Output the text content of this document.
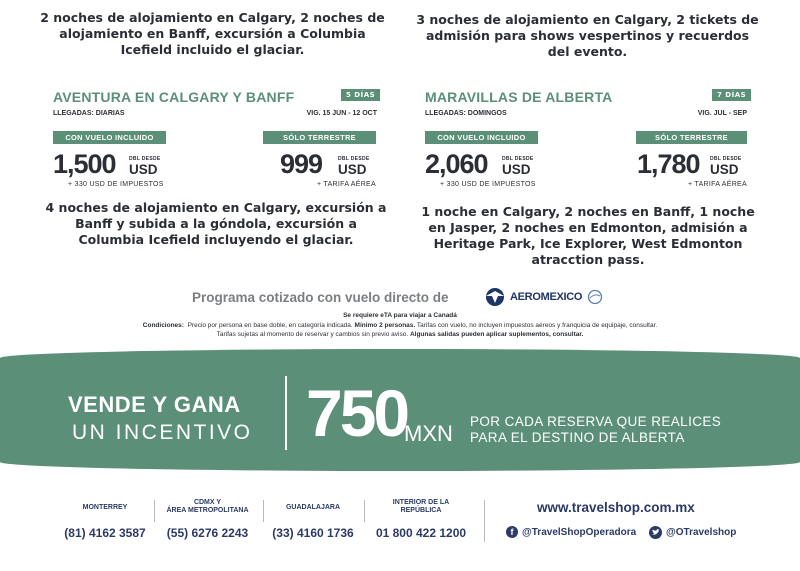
2 noches de alojamiento en Calgary, 2 noches de alojamiento en Banff, excursión a Columbia Icefield incluido el glaciar.
3 noches de alojamiento en Calgary, 2 tickets de admisión para shows vespertinos y recuerdos del evento.
AVENTURA EN CALGARY Y BANFF	5 DÍAS
LLEGADAS: DIARIAS	VIG. 15 JUN - 12 OCT
CON VUELO INCLUIDO	SÓLO TERRESTRE
1,500	DBL DESDE
USD
+ 330 USD DE IMPUESTOS
999	DBL DESDE
USD
+ TARIFA AÉREA
4 noches de alojamiento en Calgary, excursión a Banff y subida a la góndola, excursión a Columbia Icefield incluyendo el glaciar.
MARAVILLAS DE ALBERTA	7 DÍAS
LLEGADAS: DOMINGOS	VIG. JUL - SEP
CON VUELO INCLUIDO	SÓLO TERRESTRE
2,060	DBL DESDE
USD
+ 330 USD DE IMPUESTOS
1,780 DBL DESDE
USD
+ TARIFA AÉREA
1 noche en Calgary, 2 noches en Banff, 1 noche en Jasper, 2 noches en Edmonton, admisión a Heritage Park, Ice Explorer, West Edmonton atracction pass.
Programa cotizado con vuelo directo de	AEROMEXICO
Se requiere eTA para viajar a Canadá
Condiciones: Precio por persona en base doble, en categoría indicada. Mínimo 2 personas. Tarifas con vuelo, no incluyen impuestos aéreos y franquicia de equipaje, consultar.
Tarifas sujetas al momento de reservar y cambios sin previo aviso. Algunas salidas pueden aplicar suplementos, consultar.
VENDE Y GANA
UN INCENTIVO 750
MXN POR CADA RESERVA QUE REALICES
PARA EL DESTINO DE ALBERTA
MONTERREY
(81) 4162 3587
CDMX Y
ÁREA METROPOLITANA
(55) 6276 2243
GUADALAJARA
(33) 4160 1736
INTERIOR DE LA
REPÚBLICA
01 800 422 1200
www.travelshop.com.mx
f @TravelShopOperadora	@OTravelshop
